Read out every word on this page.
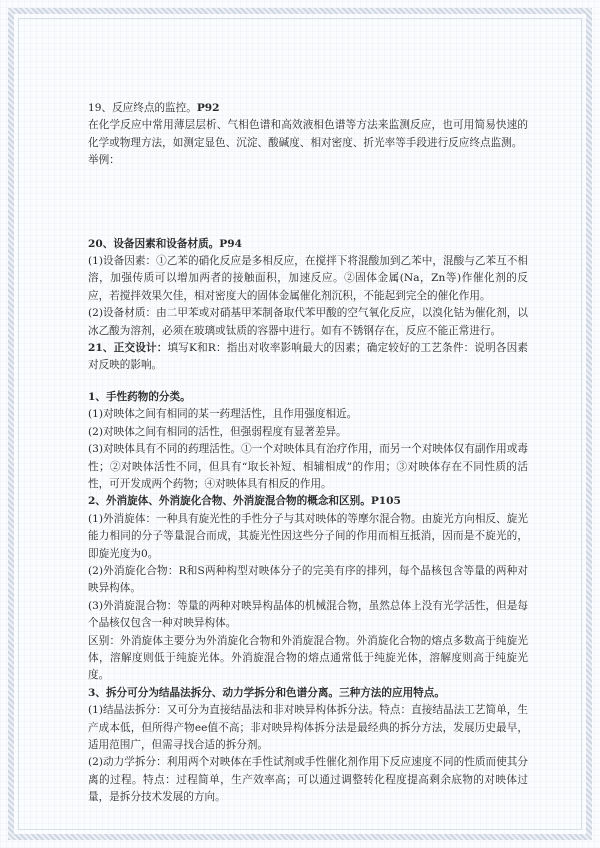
19、反应终点的监控。P92

在化学反应中常用薄层层析、气相色谱和高效液相色谱等方法来监测反应，也可用简易快速的化学或物理方法，如测定显色、沉淀、酸碱度、相对密度、折光率等手段进行反应终点监测。

举例：

20、设备因素和设备材质。P94

(1)设备因素：①乙苯的硝化反应是多相反应，在搅拌下将混酸加到乙苯中，混酸与乙苯互不相溶，加强传质可以增加两者的接触面积，加速反应。②固体金属(Na，Zn等)作催化剂的反应，若搅拌效果欠佳，相对密度大的固体金属催化剂沉积，不能起到完全的催化作用。

(2)设备材质：由二甲苯或对硝基甲苯制备取代苯甲酸的空气氧化反应，以溴化钴为催化剂，以冰乙酸为溶剂，必须在玻璃或钛质的容器中进行。如有不锈钢存在，反应不能正常进行。

21、正交设计：填写K和R：指出对收率影响最大的因素；确定较好的工艺条件：说明各因素对反映的影响。

1、手性药物的分类。

(1)对映体之间有相同的某一药理活性，且作用强度相近。

(2)对映体之间有相同的活性，但强弱程度有显著差异。

(3)对映体具有不同的药理活性。①一个对映体具有治疗作用，而另一个对映体仅有副作用或毒性；②对映体活性不同，但具有“取长补短、相辅相成”的作用；③对映体存在不同性质的活性，可开发成两个药物；④对映体具有相反的作用。

2、外消旋体、外消旋化合物、外消旋混合物的概念和区别。P105

(1)外消旋体：一种具有旋光性的手性分子与其对映体的等摩尔混合物。由旋光方向相反、旋光能力相同的分子等量混合而成，其旋光性因这些分子间的作用而相互抵消，因而是不旋光的，即旋光度为0。

(2)外消旋化合物：R和S两种构型对映体分子的完美有序的排列，每个晶核包含等量的两种对映异构体。

(3)外消旋混合物：等量的两种对映异构晶体的机械混合物，虽然总体上没有光学活性，但是每个晶核仅包含一种对映异构体。

区别：外消旋体主要分为外消旋化合物和外消旋混合物。外消旋化合物的熔点多数高于纯旋光体，溶解度则低于纯旋光体。外消旋混合物的熔点通常低于纯旋光体，溶解度则高于纯旋光度。

3、拆分可分为结晶法拆分、动力学拆分和色谱分离。三种方法的应用特点。

(1)结晶法拆分：又可分为直接结晶法和非对映异构体拆分法。特点：直接结晶法工艺简单，生产成本低，但所得产物ee值不高；非对映异构体拆分法是最经典的拆分方法，发展历史最早，适用范围广，但需寻找合适的拆分剂。

(2)动力学拆分：利用两个对映体在手性试剂或手性催化剂作用下反应速度不同的性质而使其分离的过程。特点：过程简单，生产效率高；可以通过调整转化程度提高剩余底物的对映体过量，是拆分技术发展的方向。
